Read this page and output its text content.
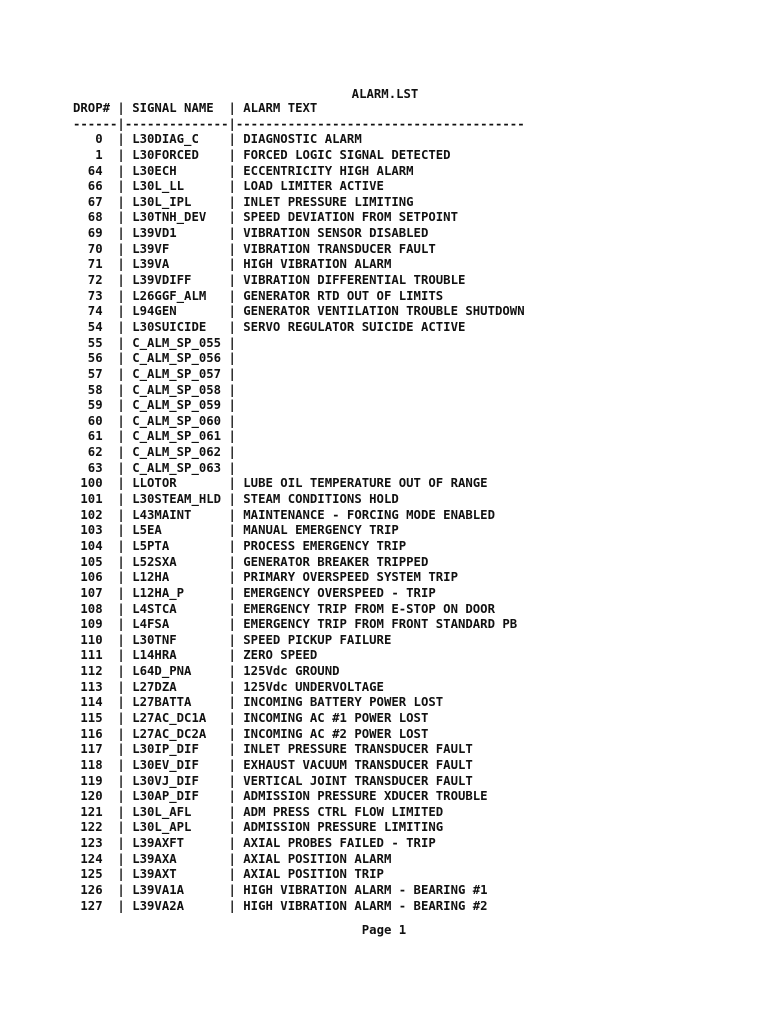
ALARM.LST
DROP# | SIGNAL NAME  | ALARM TEXT
------|--------------|---------------------------------------
0  | L30DIAG_C    | DIAGNOSTIC ALARM
1  | L30FORCED    | FORCED LOGIC SIGNAL DETECTED
64  | L30ECH       | ECCENTRICITY HIGH ALARM
66  | L30L_LL      | LOAD LIMITER ACTIVE
67  | L30L_IPL     | INLET PRESSURE LIMITING
68  | L30TNH_DEV   | SPEED DEVIATION FROM SETPOINT
69  | L39VD1       | VIBRATION SENSOR DISABLED
70  | L39VF        | VIBRATION TRANSDUCER FAULT
71  | L39VA        | HIGH VIBRATION ALARM
72  | L39VDIFF     | VIBRATION DIFFERENTIAL TROUBLE
73  | L26GGF_ALM   | GENERATOR RTD OUT OF LIMITS
74  | L94GEN       | GENERATOR VENTILATION TROUBLE SHUTDOWN
54  | L30SUICIDE   | SERVO REGULATOR SUICIDE ACTIVE
55  | C_ALM_SP_055 |
56  | C_ALM_SP_056 |
57  | C_ALM_SP_057 |
58  | C_ALM_SP_058 |
59  | C_ALM_SP_059 |
60  | C_ALM_SP_060 |
61  | C_ALM_SP_061 |
62  | C_ALM_SP_062 |
63  | C_ALM_SP_063 |
100  | LLOTOR       | LUBE OIL TEMPERATURE OUT OF RANGE
101  | L30STEAM_HLD | STEAM CONDITIONS HOLD
102  | L43MAINT     | MAINTENANCE - FORCING MODE ENABLED
103  | L5EA         | MANUAL EMERGENCY TRIP
104  | L5PTA        | PROCESS EMERGENCY TRIP
105  | L52SXA       | GENERATOR BREAKER TRIPPED
106  | L12HA        | PRIMARY OVERSPEED SYSTEM TRIP
107  | L12HA_P      | EMERGENCY OVERSPEED - TRIP
108  | L4STCA       | EMERGENCY TRIP FROM E-STOP ON DOOR
109  | L4FSA        | EMERGENCY TRIP FROM FRONT STANDARD PB
110  | L30TNF       | SPEED PICKUP FAILURE
111  | L14HRA       | ZERO SPEED
112  | L64D_PNA     | 125Vdc GROUND
113  | L27DZA       | 125Vdc UNDERVOLTAGE
114  | L27BATTA     | INCOMING BATTERY POWER LOST
115  | L27AC_DC1A   | INCOMING AC #1 POWER LOST
116  | L27AC_DC2A   | INCOMING AC #2 POWER LOST
117  | L30IP_DIF    | INLET PRESSURE TRANSDUCER FAULT
118  | L30EV_DIF    | EXHAUST VACUUM TRANSDUCER FAULT
119  | L30VJ_DIF    | VERTICAL JOINT TRANSDUCER FAULT
120  | L30AP_DIF    | ADMISSION PRESSURE XDUCER TROUBLE
121  | L30L_AFL     | ADM PRESS CTRL FLOW LIMITED
122  | L30L_APL     | ADMISSION PRESSURE LIMITING
123  | L39AXFT      | AXIAL PROBES FAILED - TRIP
124  | L39AXA       | AXIAL POSITION ALARM
125  | L39AXT       | AXIAL POSITION TRIP
126  | L39VA1A      | HIGH VIBRATION ALARM - BEARING #1
127  | L39VA2A      | HIGH VIBRATION ALARM - BEARING #2
Page 1
